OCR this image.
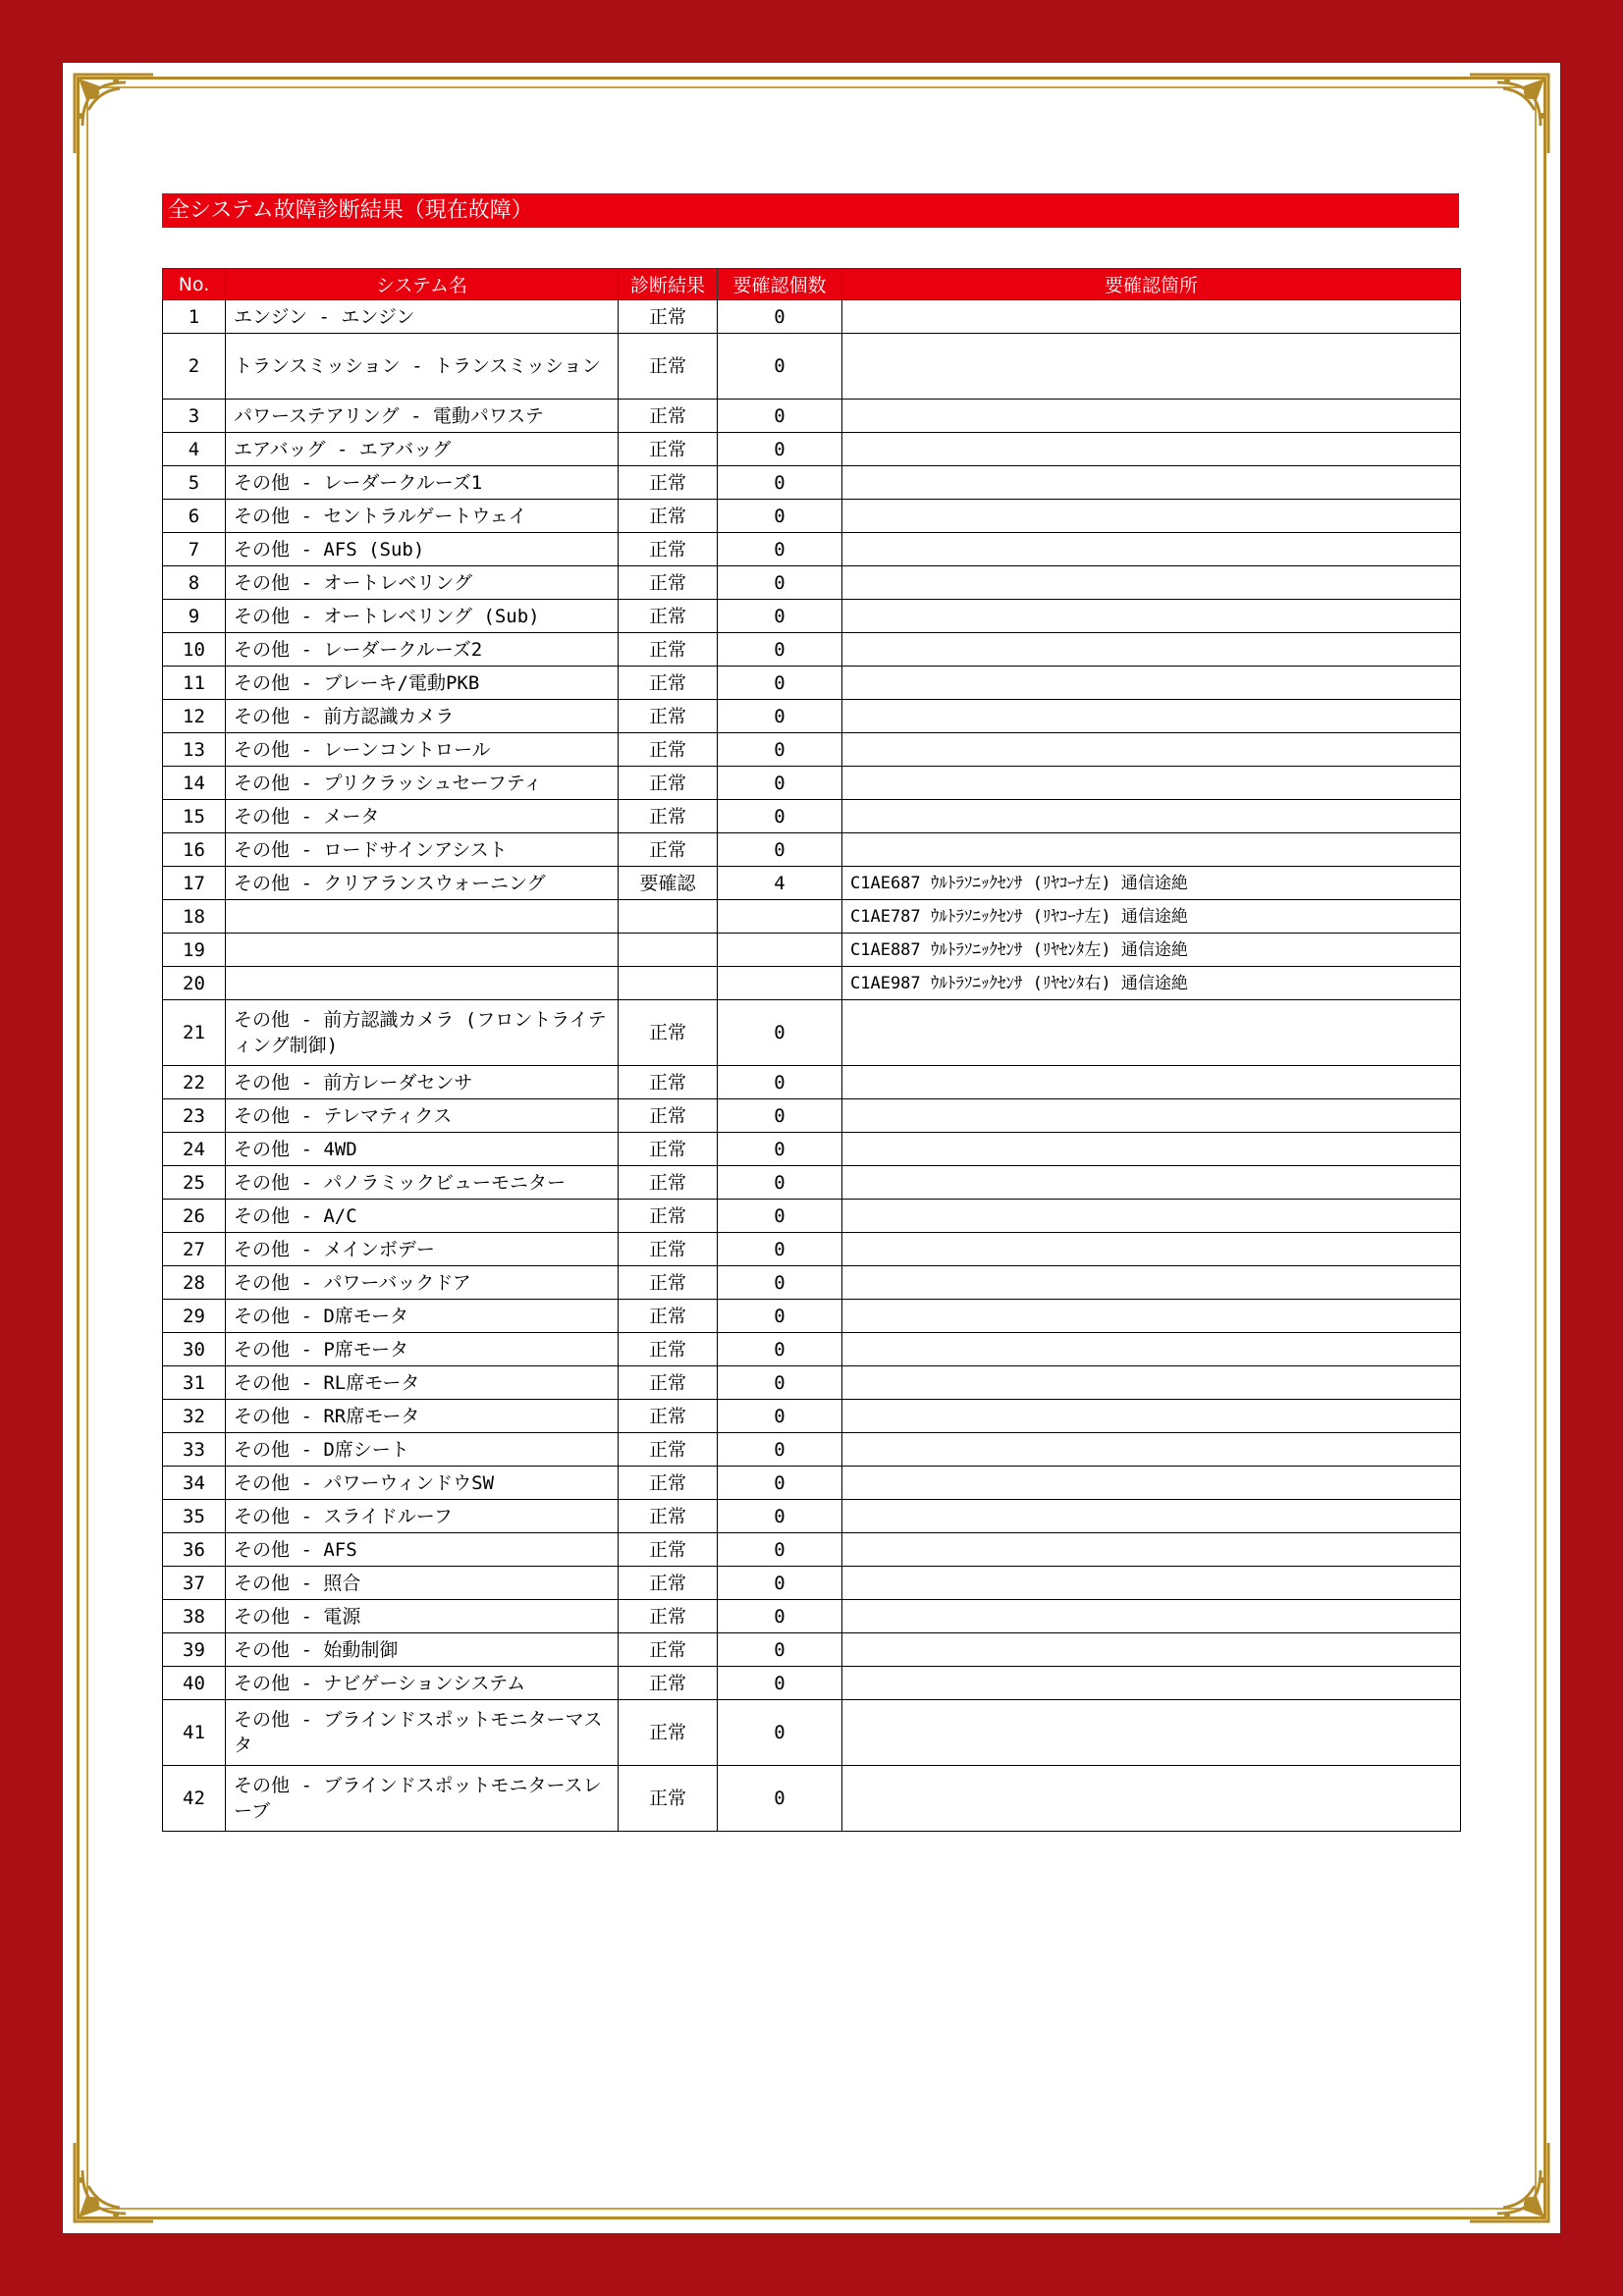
全システム故障診断結果（現在故障）
No.	システム名	診断結果	要確認個数	要確認箇所
1	エンジン - エンジン	正常	0	
2	トランスミッション - トランスミッション	正常	0	
3	パワーステアリング - 電動パワステ	正常	0	
4	エアバッグ - エアバッグ	正常	0	
5	その他 - レーダークルーズ1	正常	0	
6	その他 - セントラルゲートウェイ	正常	0	
7	その他 - AFS (Sub)	正常	0	
8	その他 - オートレベリング	正常	0	
9	その他 - オートレベリング (Sub)	正常	0	
10	その他 - レーダークルーズ2	正常	0	
11	その他 - ブレーキ/電動PKB	正常	0	
12	その他 - 前方認識カメラ	正常	0	
13	その他 - レーンコントロール	正常	0	
14	その他 - プリクラッシュセーフティ	正常	0	
15	その他 - メータ	正常	0	
16	その他 - ロードサインアシスト	正常	0	
17	その他 - クリアランスウォーニング	要確認	4	C1AE687 ｳﾙﾄﾗｿﾆｯｸｾﾝｻ (ﾘﾔｺｰﾅ左) 通信途絶
18				C1AE787 ｳﾙﾄﾗｿﾆｯｸｾﾝｻ (ﾘﾔｺｰﾅ左) 通信途絶
19				C1AE887 ｳﾙﾄﾗｿﾆｯｸｾﾝｻ (ﾘﾔｾﾝﾀ左) 通信途絶
20				C1AE987 ｳﾙﾄﾗｿﾆｯｸｾﾝｻ (ﾘﾔｾﾝﾀ右) 通信途絶
21	その他 - 前方認識カメラ (フロントライティング制御)	正常	0	
22	その他 - 前方レーダセンサ	正常	0	
23	その他 - テレマティクス	正常	0	
24	その他 - 4WD	正常	0	
25	その他 - パノラミックビューモニター	正常	0	
26	その他 - A/C	正常	0	
27	その他 - メインボデー	正常	0	
28	その他 - パワーバックドア	正常	0	
29	その他 - D席モータ	正常	0	
30	その他 - P席モータ	正常	0	
31	その他 - RL席モータ	正常	0	
32	その他 - RR席モータ	正常	0	
33	その他 - D席シート	正常	0	
34	その他 - パワーウィンドウSW	正常	0	
35	その他 - スライドルーフ	正常	0	
36	その他 - AFS	正常	0	
37	その他 - 照合	正常	0	
38	その他 - 電源	正常	0	
39	その他 - 始動制御	正常	0	
40	その他 - ナビゲーションシステム	正常	0	
41	その他 - ブラインドスポットモニターマスタ	正常	0	
42	その他 - ブラインドスポットモニタースレーブ	正常	0	
